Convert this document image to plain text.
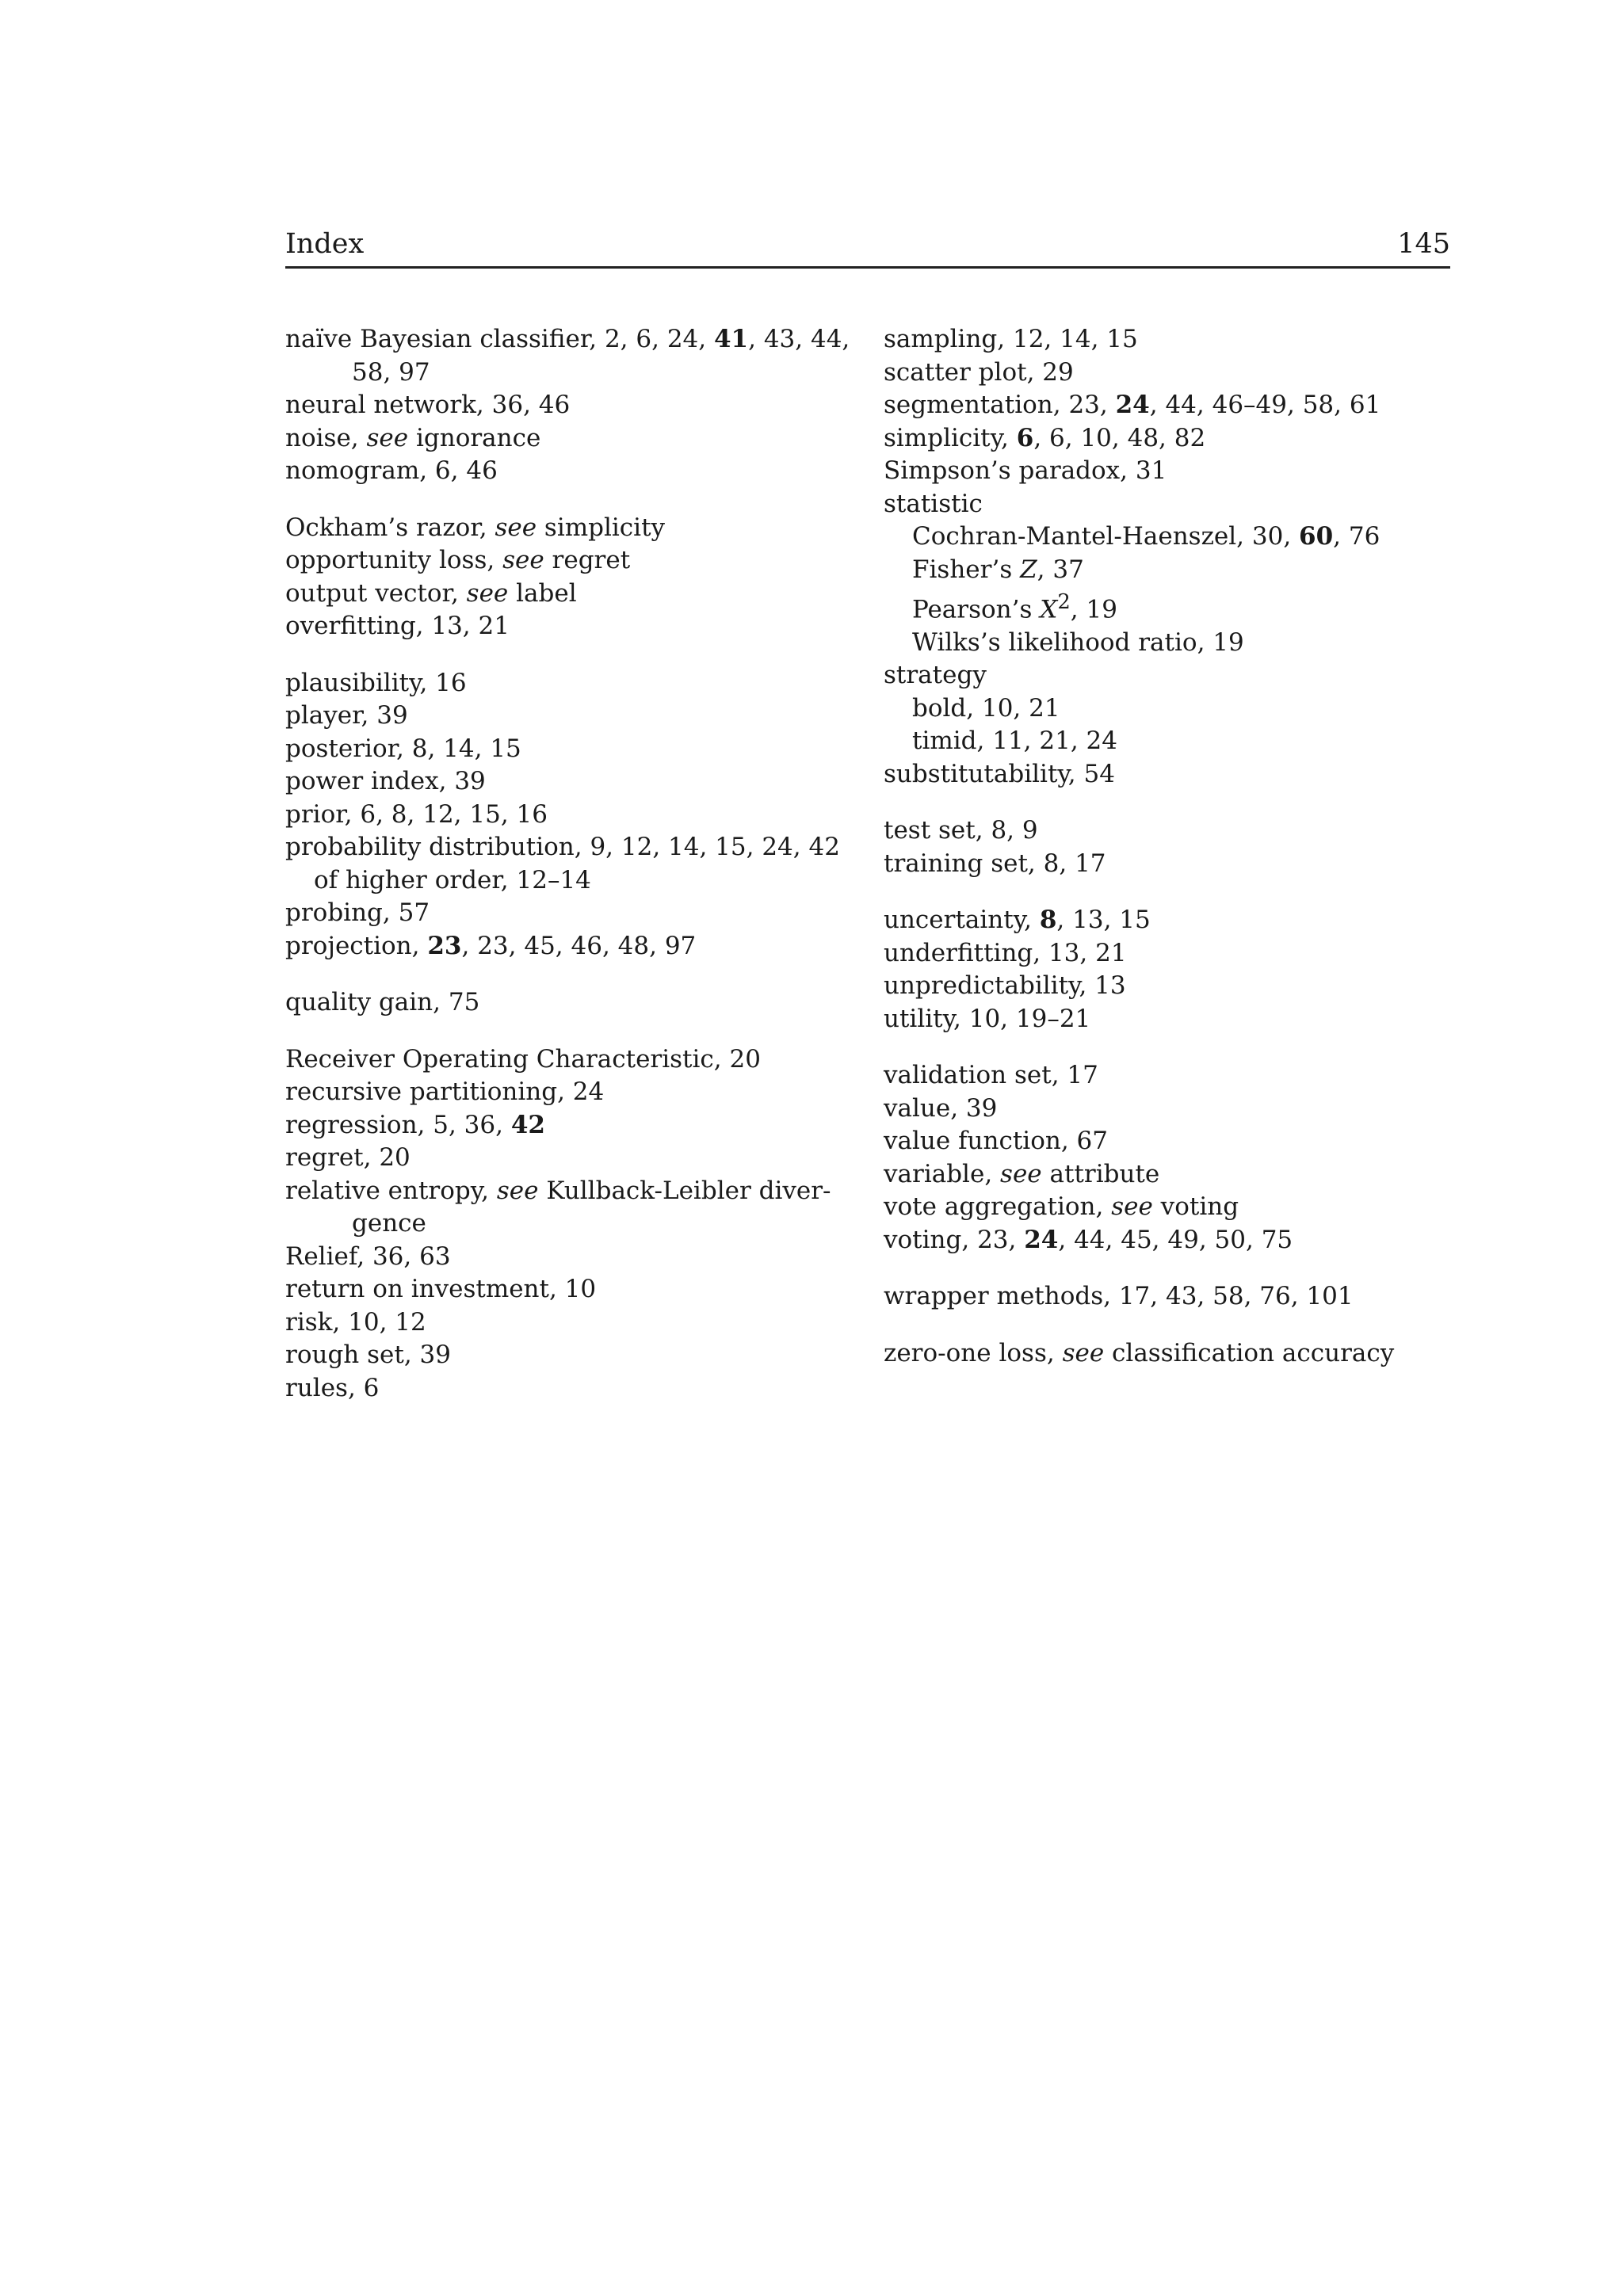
Index	145
naïve Bayesian classifier, 2, 6, 24, 41, 43, 44,
58, 97
neural network, 36, 46
noise, see ignorance
nomogram, 6, 46
Ockham’s razor, see simplicity
opportunity loss, see regret
output vector, see label
overfitting, 13, 21
plausibility, 16
player, 39
posterior, 8, 14, 15
power index, 39
prior, 6, 8, 12, 15, 16
probability distribution, 9, 12, 14, 15, 24, 42
of higher order, 12–14
probing, 57
projection, 23, 23, 45, 46, 48, 97
quality gain, 75
Receiver Operating Characteristic, 20
recursive partitioning, 24
regression, 5, 36, 42
regret, 20
relative entropy, see Kullback-Leibler diver-
gence
Relief, 36, 63
return on investment, 10
risk, 10, 12
rough set, 39
rules, 6
sampling, 12, 14, 15
scatter plot, 29
segmentation, 23, 24, 44, 46–49, 58, 61
simplicity, 6, 6, 10, 48, 82
Simpson’s paradox, 31
statistic
Cochran-Mantel-Haenszel, 30, 60, 76
Fisher’s Z, 37
Pearson’s $X^2$, 19
Wilks’s likelihood ratio, 19
strategy
bold, 10, 21
timid, 11, 21, 24
substitutability, 54
test set, 8, 9
training set, 8, 17
uncertainty, 8, 13, 15
underfitting, 13, 21
unpredictability, 13
utility, 10, 19–21
validation set, 17
value, 39
value function, 67
variable, see attribute
vote aggregation, see voting
voting, 23, 24, 44, 45, 49, 50, 75
wrapper methods, 17, 43, 58, 76, 101
zero-one loss, see classification accuracy
